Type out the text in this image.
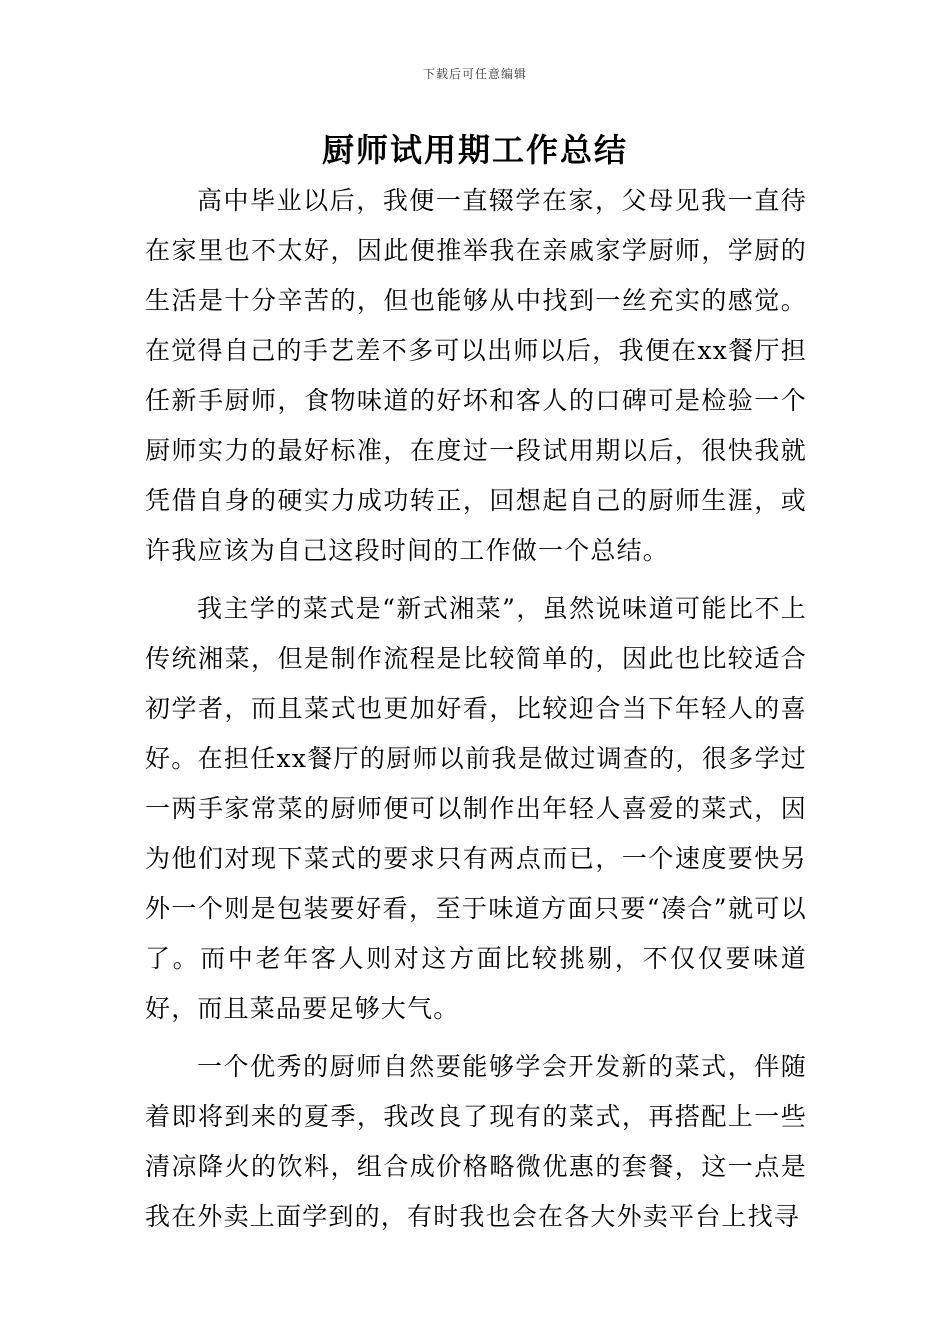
下载后可任意编辑
厨师试用期工作总结

高中毕业以后，我便一直辍学在家，父母见我一直待在家里也不太好，因此便推举我在亲戚家学厨师，学厨的生活是十分辛苦的，但也能够从中找到一丝充实的感觉。在觉得自己的手艺差不多可以出师以后，我便在xx餐厅担任新手厨师，食物味道的好坏和客人的口碑可是检验一个厨师实力的最好标准，在度过一段试用期以后，很快我就凭借自身的硬实力成功转正，回想起自己的厨师生涯，或许我应该为自己这段时间的工作做一个总结。

我主学的菜式是“新式湘菜”，虽然说味道可能比不上传统湘菜，但是制作流程是比较简单的，因此也比较适合初学者，而且菜式也更加好看，比较迎合当下年轻人的喜好。在担任xx餐厅的厨师以前我是做过调查的，很多学过一两手家常菜的厨师便可以制作出年轻人喜爱的菜式，因为他们对现下菜式的要求只有两点而已，一个速度要快另外一个则是包装要好看，至于味道方面只要“凑合”就可以了。而中老年客人则对这方面比较挑剔，不仅仅要味道好，而且菜品要足够大气。

一个优秀的厨师自然要能够学会开发新的菜式，伴随着即将到来的夏季，我改良了现有的菜式，再搭配上一些清凉降火的饮料，组合成价格略微优惠的套餐，这一点是我在外卖上面学到的，有时我也会在各大外卖平台上找寻
